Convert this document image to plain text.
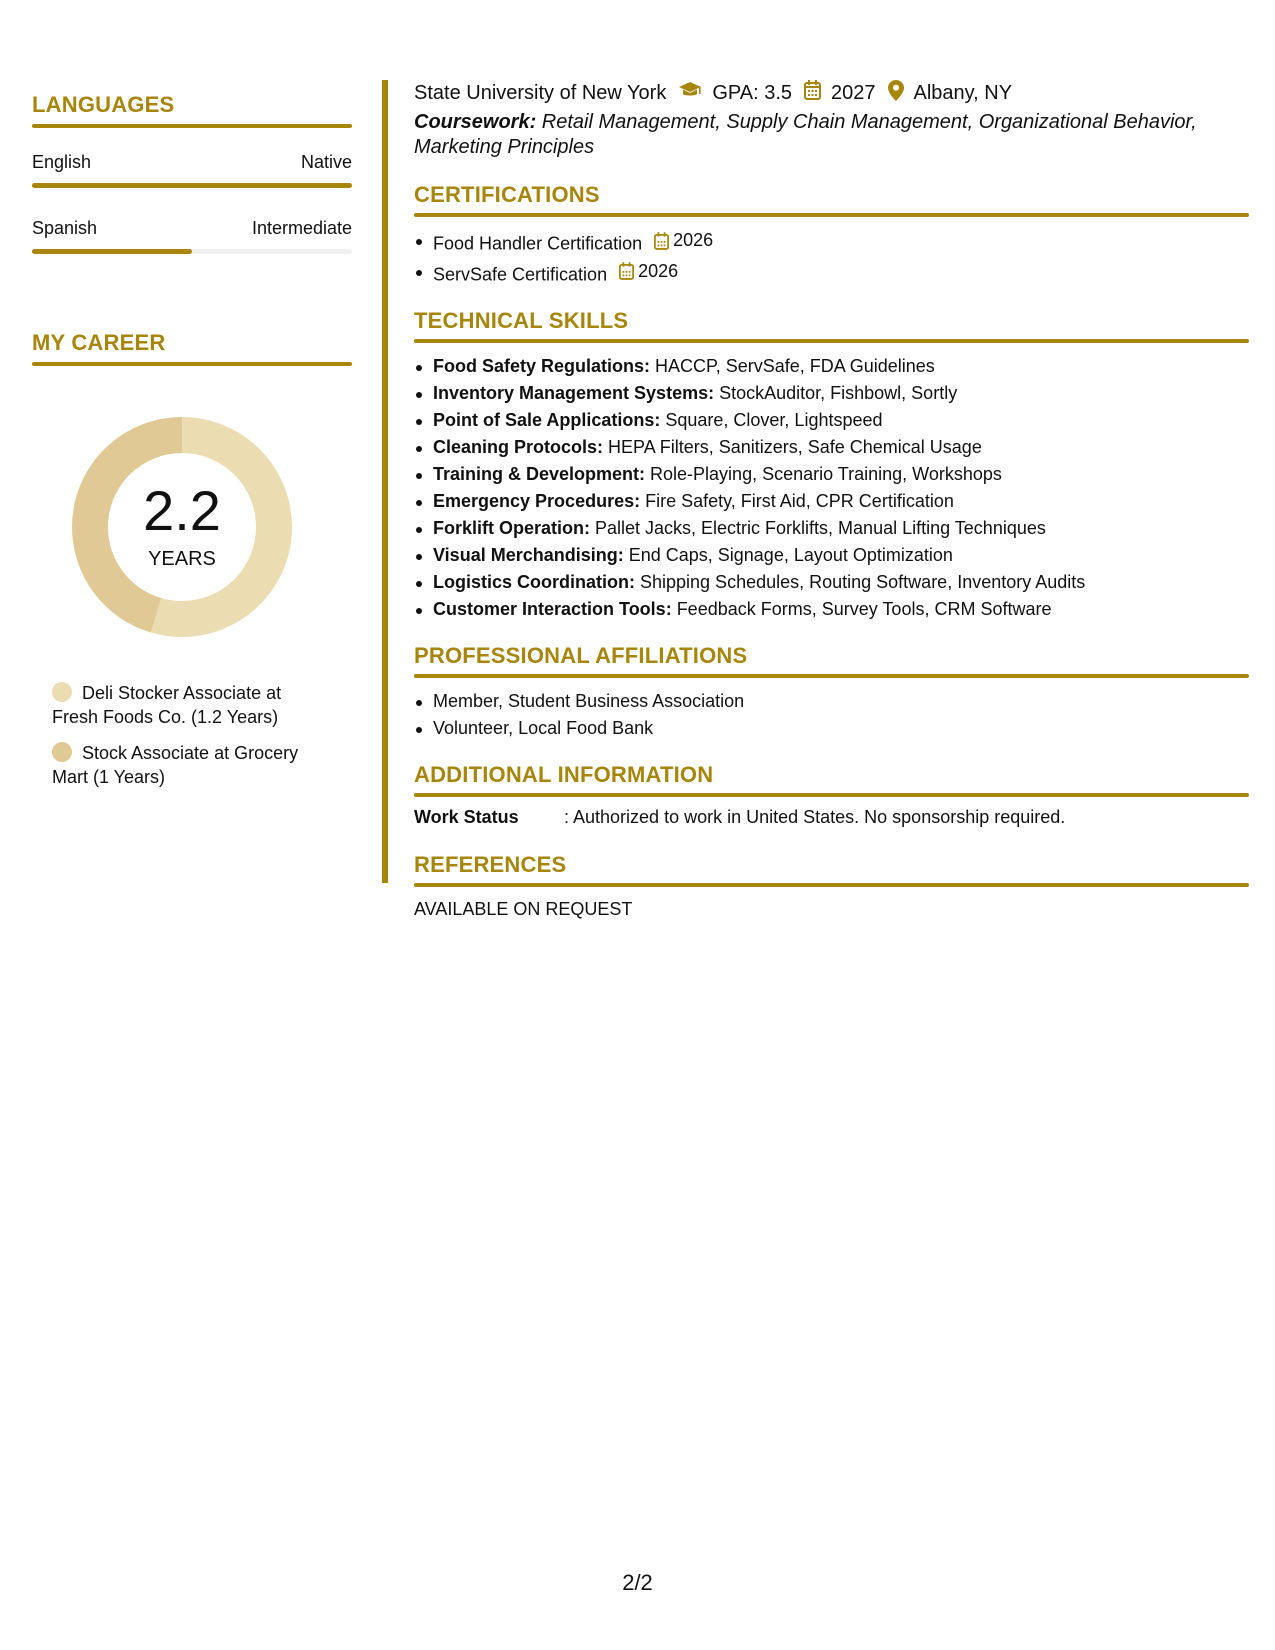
LANGUAGES
English	Native
Spanish	Intermediate
MY CAREER
2.2
YEARS
Deli Stocker Associate at Fresh Foods Co. (1.2 Years)
Stock Associate at Grocery Mart (1 Years)
State University of New York GPA: 3.5 2027 Albany, NY
Coursework: Retail Management, Supply Chain Management, Organizational Behavior, Marketing Principles
CERTIFICATIONS
Food Handler Certification 2026
ServSafe Certification 2026
TECHNICAL SKILLS
Food Safety Regulations: HACCP, ServSafe, FDA Guidelines
Inventory Management Systems: StockAuditor, Fishbowl, Sortly
Point of Sale Applications: Square, Clover, Lightspeed
Cleaning Protocols: HEPA Filters, Sanitizers, Safe Chemical Usage
Training & Development: Role-Playing, Scenario Training, Workshops
Emergency Procedures: Fire Safety, First Aid, CPR Certification
Forklift Operation: Pallet Jacks, Electric Forklifts, Manual Lifting Techniques
Visual Merchandising: End Caps, Signage, Layout Optimization
Logistics Coordination: Shipping Schedules, Routing Software, Inventory Audits
Customer Interaction Tools: Feedback Forms, Survey Tools, CRM Software
PROFESSIONAL AFFILIATIONS
Member, Student Business Association
Volunteer, Local Food Bank
ADDITIONAL INFORMATION
Work Status	: Authorized to work in United States. No sponsorship required.
REFERENCES
AVAILABLE ON REQUEST
2/2
